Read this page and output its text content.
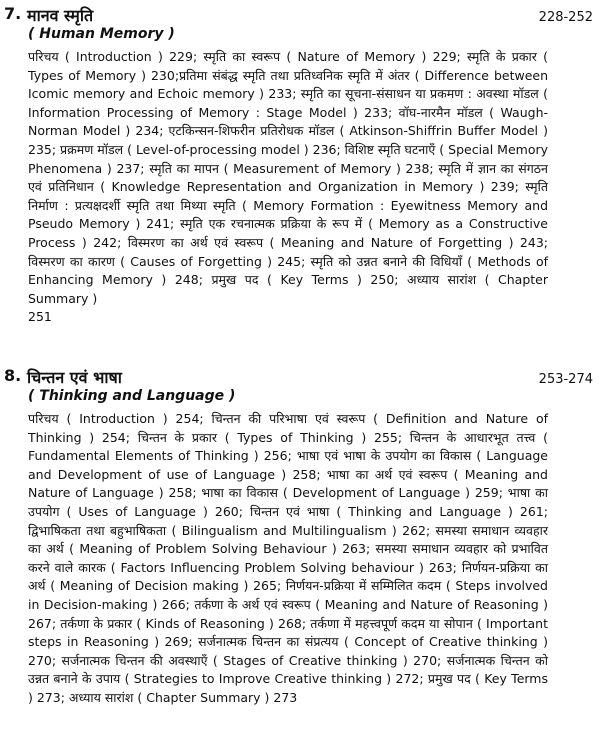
7. मानव स्मृति	228-252
( Human Memory )
परिचय ( Introduction ) 229; स्मृति का स्वरूप ( Nature of Memory ) 229; स्मृति के प्रकार ( Types of Memory ) 230;प्रतिमा संबंद्ध स्मृति तथा प्रतिध्वनिक स्मृति में अंतर ( Difference between Icomic memory and Echoic memory ) 233; स्मृति का सूचना-संसाधन या प्रकमण : अवस्था मॉडल ( Information Processing of Memory : Stage Model ) 233; वॉघ-नारमैन मॉडल ( Waugh-Norman Model ) 234; एटकिन्सन-शिफरीन प्रतिरोधक मॉडल ( Atkinson-Shiffrin Buffer Model ) 235; प्रक्रमण मॉडल ( Level-of-processing model ) 236; विशिष्ट स्मृति घटनाएँ ( Special Memory Phenomena ) 237; स्मृति का मापन ( Measurement of Memory ) 238; स्मृति में ज्ञान का संगठन एवं प्रतिनिधान ( Knowledge Representation and Organization in Memory ) 239; स्मृति निर्माण : प्रत्यक्षदर्शी स्मृति तथा मिथ्या स्मृति ( Memory Formation : Eyewitness Memory and Pseudo Memory ) 241; स्मृति एक रचनात्मक प्रक्रिया के रूप में ( Memory as a Constructive Process ) 242; विस्मरण का अर्थ एवं स्वरूप ( Meaning and Nature of Forgetting ) 243; विस्मरण का कारण ( Causes of Forgetting ) 245; स्मृति को उन्नत बनाने की विधियाँ ( Methods of Enhancing Memory ) 248; प्रमुख पद ( Key Terms ) 250; अध्याय सारांश ( Chapter Summary )
251
8. चिन्तन एवं भाषा	253-274
( Thinking and Language )
परिचय ( Introduction ) 254; चिन्तन की परिभाषा एवं स्वरूप ( Definition and Nature of Thinking ) 254; चिन्तन के प्रकार ( Types of Thinking ) 255; चिन्तन के आधारभूत तत्त्व ( Fundamental Elements of Thinking ) 256; भाषा एवं भाषा के उपयोग का विकास ( Language and Development of use of Language ) 258; भाषा का अर्थ एवं स्वरूप ( Meaning and Nature of Language ) 258; भाषा का विकास ( Development of Language ) 259; भाषा का उपयोग ( Uses of Language ) 260; चिन्तन एवं भाषा ( Thinking and Language ) 261; द्विभाषिकता तथा बहुभाषिकता ( Bilingualism and Multilingualism ) 262; समस्या समाधान व्यवहार का अर्थ ( Meaning of Problem Solving Behaviour ) 263; समस्या समाधान व्यवहार को प्रभावित करने वाले कारक ( Factors Influencing Problem Solving behaviour ) 263; निर्णयन-प्रक्रिया का अर्थ ( Meaning of Decision making ) 265; निर्णयन-प्रक्रिया में सम्मिलित कदम ( Steps involved in Decision-making ) 266; तर्कणा के अर्थ एवं स्वरूप ( Meaning and Nature of Reasoning ) 267; तर्कणा के प्रकार ( Kinds of Reasoning ) 268; तर्कणा में महत्त्वपूर्ण कदम या सोपान ( Important steps in Reasoning ) 269; सर्जनात्मक चिन्तन का संप्रत्यय ( Concept of Creative thinking ) 270; सर्जनात्मक चिन्तन की अवस्थाएँ ( Stages of Creative thinking ) 270; सर्जनात्मक चिन्तन को उन्नत बनाने के उपाय ( Strategies to Improve Creative thinking ) 272; प्रमुख पद ( Key Terms ) 273; अध्याय सारांश ( Chapter Summary ) 273
